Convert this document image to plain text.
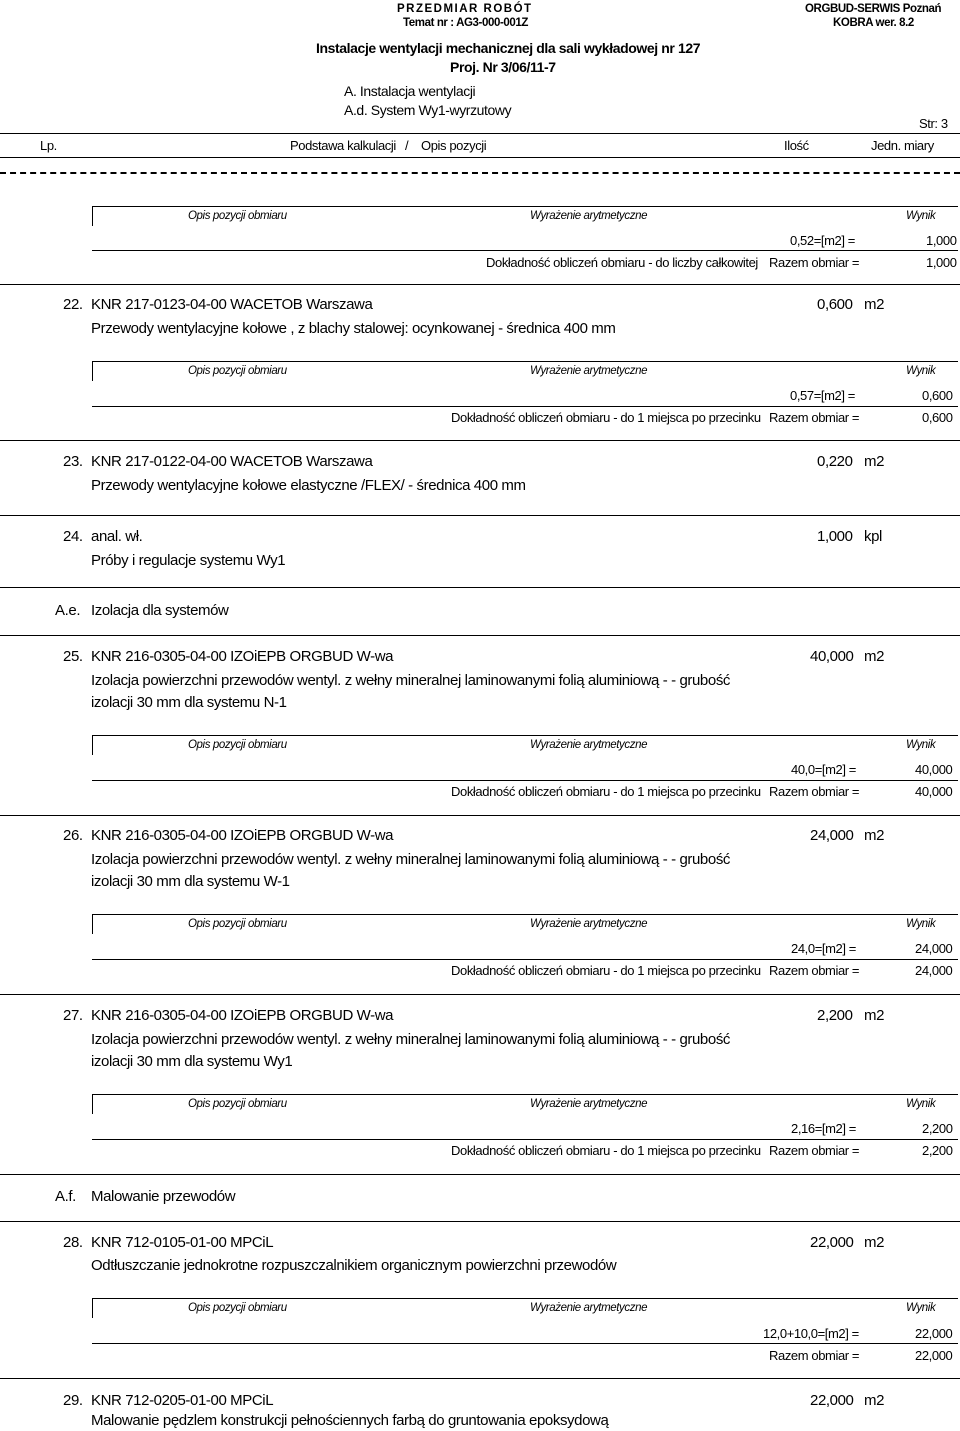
PRZEDMIAR ROBÓT
Temat nr : AG3-000-001Z
ORGBUD-SERWIS Poznań
KOBRA wer. 8.2
Instalacje wentylacji mechanicznej dla sali wykładowej nr 127
Proj. Nr 3/06/11-7
A. Instalacja wentylacji
A.d. System Wy1-wyrzutowy
Str: 3
Lp.	Podstawa kalkulacji / Opis pozycji	Ilość	Jedn. miary
Opis pozycji obmiaru	Wyrażenie arytmetyczne	Wynik
0,52=[m2] =	1,000
Dokładność obliczeń obmiaru - do liczby całkowitej Razem obmiar =	1,000
22. KNR 217-0123-04-00 WACETOB Warszawa	0,600 m2
Przewody wentylacyjne kołowe , z blachy stalowej: ocynkowanej - średnica 400 mm
Opis pozycji obmiaru	Wyrażenie arytmetyczne	Wynik
0,57=[m2] =	0,600
Dokładność obliczeń obmiaru - do 1 miejsca po przecinku Razem obmiar =	0,600
23. KNR 217-0122-04-00 WACETOB Warszawa	0,220 m2
Przewody wentylacyjne kołowe elastyczne /FLEX/ - średnica 400 mm
24. anal. wł.	1,000 kpl
Próby i regulacje systemu Wy1
A.e. Izolacja dla systemów
25. KNR 216-0305-04-00 IZOiEPB ORGBUD W-wa	40,000 m2
Izolacja powierzchni przewodów wentyl. z wełny mineralnej laminowanymi folią aluminiową - - grubość
izolacji 30 mm dla systemu N-1
Opis pozycji obmiaru	Wyrażenie arytmetyczne	Wynik
40,0=[m2] =	40,000
Dokładność obliczeń obmiaru - do 1 miejsca po przecinku Razem obmiar =	40,000
26. KNR 216-0305-04-00 IZOiEPB ORGBUD W-wa	24,000 m2
Izolacja powierzchni przewodów wentyl. z wełny mineralnej laminowanymi folią aluminiową - - grubość
izolacji 30 mm dla systemu W-1
Opis pozycji obmiaru	Wyrażenie arytmetyczne	Wynik
24,0=[m2] =	24,000
Dokładność obliczeń obmiaru - do 1 miejsca po przecinku Razem obmiar =	24,000
27. KNR 216-0305-04-00 IZOiEPB ORGBUD W-wa	2,200 m2
Izolacja powierzchni przewodów wentyl. z wełny mineralnej laminowanymi folią aluminiową - - grubość
izolacji 30 mm dla systemu Wy1
Opis pozycji obmiaru	Wyrażenie arytmetyczne	Wynik
2,16=[m2] =	2,200
Dokładność obliczeń obmiaru - do 1 miejsca po przecinku Razem obmiar =	2,200
A.f. Malowanie przewodów
28. KNR 712-0105-01-00 MPCiL	22,000 m2
Odtłuszczanie jednokrotne rozpuszczalnikiem organicznym powierzchni przewodów
Opis pozycji obmiaru	Wyrażenie arytmetyczne	Wynik
12,0+10,0=[m2] =	22,000
Razem obmiar =	22,000
29. KNR 712-0205-01-00 MPCiL	22,000 m2
Malowanie pędzlem konstrukcji pełnościennych farbą do gruntowania epoksydową
